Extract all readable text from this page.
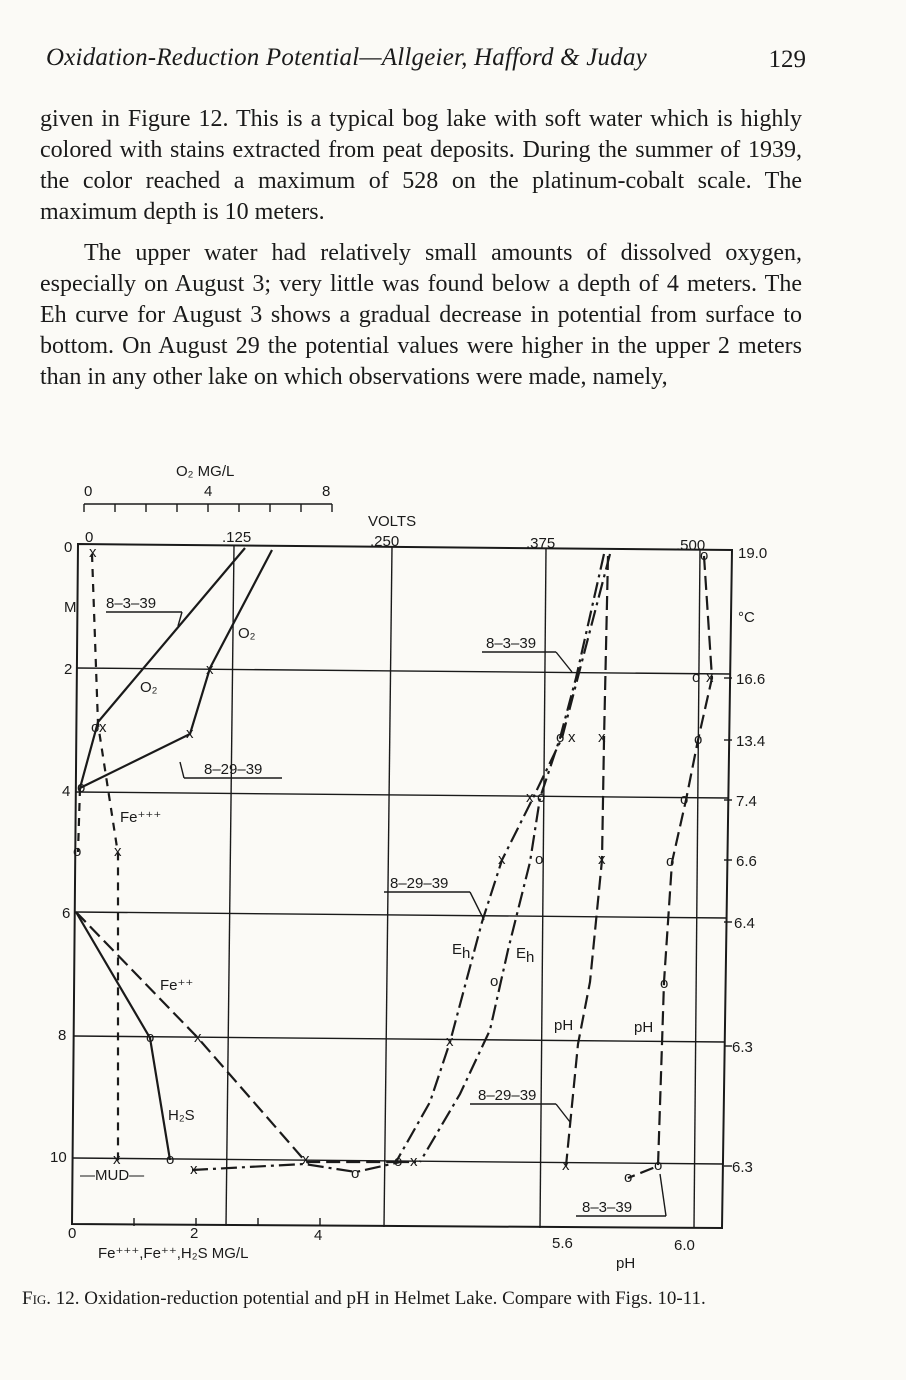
Oxidation-Reduction Potential—Allgeier, Hafford & Juday	129

given in Figure 12. This is a typical bog lake with soft water which is highly colored with stains extracted from peat deposits. During the summer of 1939, the color reached a maximum of 528 on the platinum-cobalt scale. The maximum depth is 10 meters.

The upper water had relatively small amounts of dissolved oxygen, especially on August 3; very little was found below a depth of 4 meters. The Eh curve for August 3 shows a gradual decrease in potential from surface to bottom. On August 29 the potential values were higher in the upper 2 meters than in any other lake on which observations were made, namely,

O₂ MG/L
0	4	8
VOLTS
0	.125	.250	.375	.500
0
M
2
4
6
8
10
19.0
°C
16.6
13.4
7.4
6.6
6.4
6.3
6.3
0	2	4
Fe⁺⁺⁺,Fe⁺⁺,H₂S MG/L
5.6	6.0
pH
x
o x
o
o x
x
x
o	x
x	o	x
x	o
o x
o x
x o
x o
o
x
x
x
x
o
x
o
o
o
o
o
o
o
8–3–39
O₂
O₂
8–29–39
Fe⁺⁺⁺
Fe⁺⁺
H₂S
—MUD—
8–3–39
8–29–39
Eh	Eh
pH	pH
8–29–39
8–3–39
Fig. 12. Oxidation-reduction potential and pH in Helmet Lake. Compare with Figs. 10-11.
